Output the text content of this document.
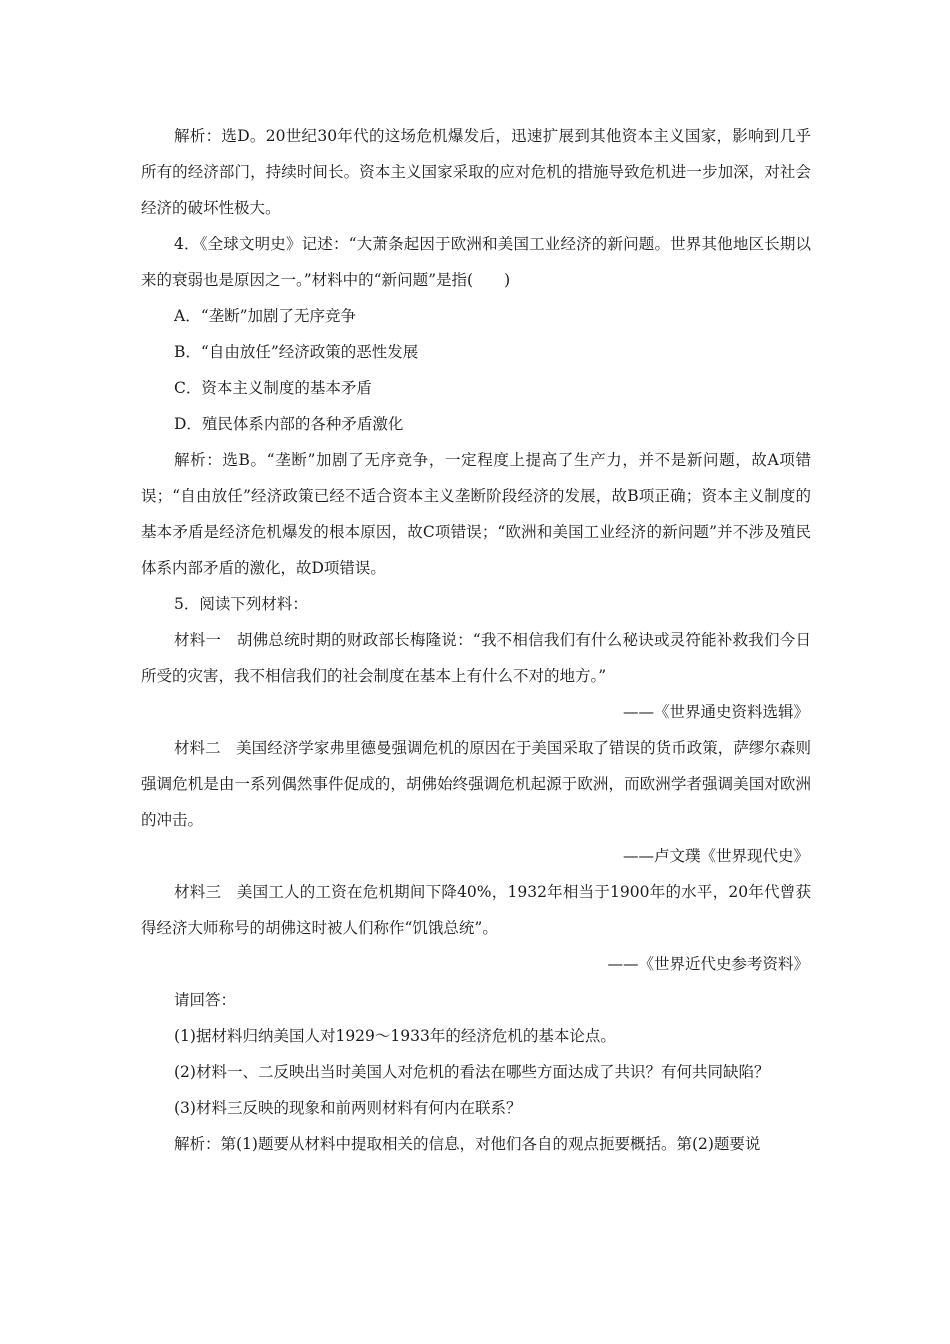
解析：选D。20世纪30年代的这场危机爆发后，迅速扩展到其他资本主义国家，影响到几乎所有的经济部门，持续时间长。资本主义国家采取的应对危机的措施导致危机进一步加深，对社会经济的破坏性极大。

4．《全球文明史》记述：“大萧条起因于欧洲和美国工业经济的新问题。世界其他地区长期以来的衰弱也是原因之一。”材料中的“新问题”是指(　　)

A．“垄断”加剧了无序竞争

B．“自由放任”经济政策的恶性发展

C．资本主义制度的基本矛盾

D．殖民体系内部的各种矛盾激化

解析：选B。“垄断”加剧了无序竞争，一定程度上提高了生产力，并不是新问题，故A项错误；“自由放任”经济政策已经不适合资本主义垄断阶段经济的发展，故B项正确；资本主义制度的基本矛盾是经济危机爆发的根本原因，故C项错误；“欧洲和美国工业经济的新问题”并不涉及殖民体系内部矛盾的激化，故D项错误。

5．阅读下列材料：

材料一　胡佛总统时期的财政部长梅隆说：“我不相信我们有什么秘诀或灵符能补救我们今日所受的灾害，我不相信我们的社会制度在基本上有什么不对的地方。”

——《世界通史资料选辑》

材料二　美国经济学家弗里德曼强调危机的原因在于美国采取了错误的货币政策，萨缪尔森则强调危机是由一系列偶然事件促成的，胡佛始终强调危机起源于欧洲，而欧洲学者强调美国对欧洲的冲击。

——卢文璞《世界现代史》

材料三　美国工人的工资在危机期间下降40%，1932年相当于1900年的水平，20年代曾获得经济大师称号的胡佛这时被人们称作“饥饿总统”。

——《世界近代史参考资料》

请回答：

(1)据材料归纳美国人对1929～1933年的经济危机的基本论点。

(2)材料一、二反映出当时美国人对危机的看法在哪些方面达成了共识？有何共同缺陷？

(3)材料三反映的现象和前两则材料有何内在联系？

解析：第(1)题要从材料中提取相关的信息，对他们各自的观点扼要概括。第(2)题要说
